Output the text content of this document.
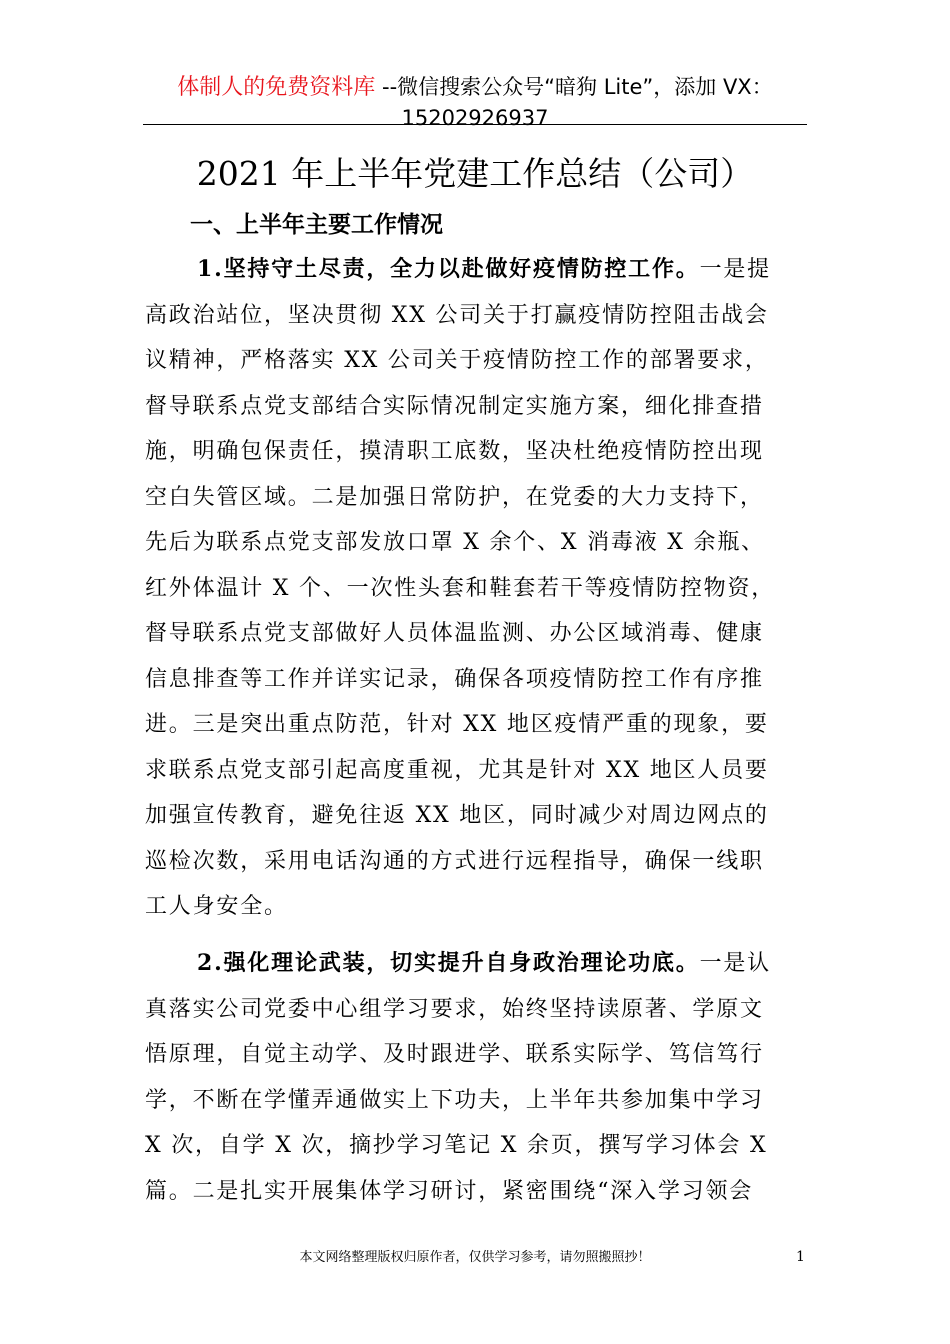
体制人的免费资料库 --微信搜索公众号“暗狗 Lite”，添加 VX：
15202926937
2021 年上半年党建工作总结（公司）
一、上半年主要工作情况
1.坚持守土尽责，全力以赴做好疫情防控工作。一是提
高政治站位，坚决贯彻 XX 公司关于打赢疫情防控阻击战会
议精神，严格落实 XX 公司关于疫情防控工作的部署要求，
督导联系点党支部结合实际情况制定实施方案，细化排查措
施，明确包保责任，摸清职工底数，坚决杜绝疫情防控出现
空白失管区域。二是加强日常防护，在党委的大力支持下，
先后为联系点党支部发放口罩 X 余个、X 消毒液 X 余瓶、
红外体温计 X 个、一次性头套和鞋套若干等疫情防控物资，
督导联系点党支部做好人员体温监测、办公区域消毒、健康
信息排查等工作并详实记录，确保各项疫情防控工作有序推
进。三是突出重点防范，针对 XX 地区疫情严重的现象，要
求联系点党支部引起高度重视，尤其是针对 XX 地区人员要
加强宣传教育，避免往返 XX 地区，同时减少对周边网点的
巡检次数，采用电话沟通的方式进行远程指导，确保一线职
工人身安全。
2.强化理论武装，切实提升自身政治理论功底。一是认
真落实公司党委中心组学习要求，始终坚持读原著、学原文
悟原理，自觉主动学、及时跟进学、联系实际学、笃信笃行
学，不断在学懂弄通做实上下功夫，上半年共参加集中学习
X 次，自学 X 次，摘抄学习笔记 X 余页，撰写学习体会 X
篇。二是扎实开展集体学习研讨，紧密围绕“深入学习领会
本文网络整理版权归原作者，仅供学习参考，请勿照搬照抄！	1
